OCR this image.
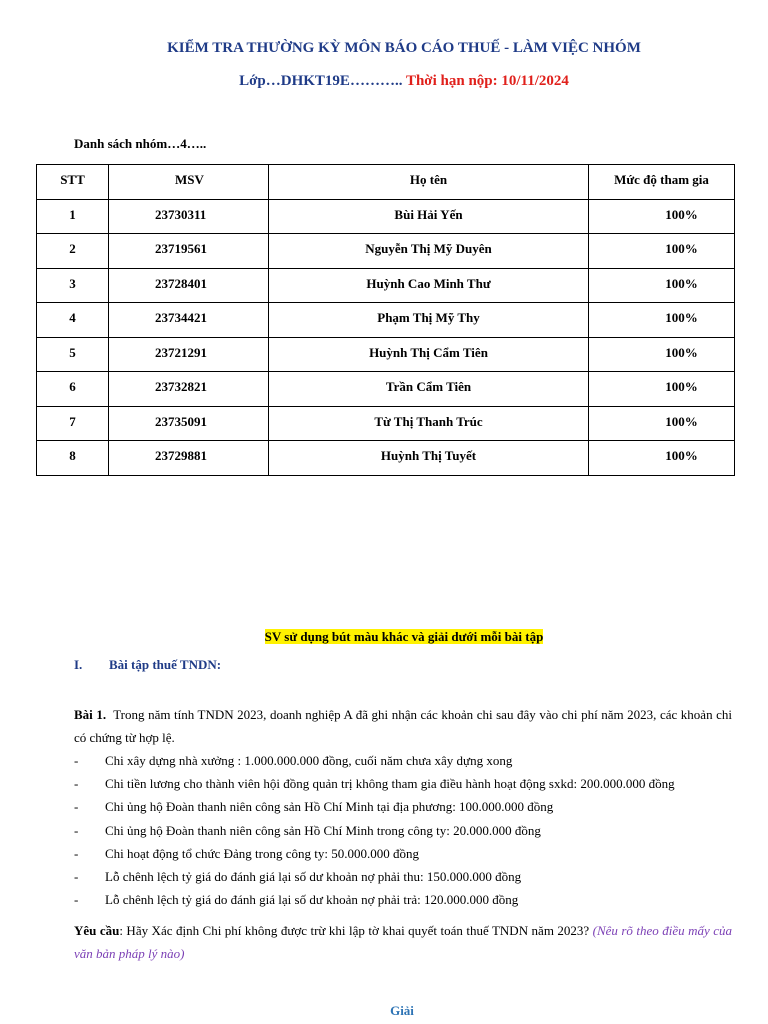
KIỂM TRA THƯỜNG KỲ MÔN BÁO CÁO THUẾ - LÀM VIỆC NHÓM
Lớp…DHKT19E……….. Thời hạn nộp: 10/11/2024
Danh sách nhóm…4…..
STT	MSV	Họ tên	Mức độ tham gia
1	23730311	Bùi Hải Yến	100%
2	23719561	Nguyễn Thị Mỹ Duyên	100%
3	23728401	Huỳnh Cao Minh Thư	100%
4	23734421	Phạm Thị Mỹ Thy	100%
5	23721291	Huỳnh Thị Cẩm Tiên	100%
6	23732821	Trần Cẩm Tiên	100%
7	23735091	Từ Thị Thanh Trúc	100%
8	23729881	Huỳnh Thị Tuyết	100%
SV sử dụng bút màu khác và giải dưới mỗi bài tập
I. Bài tập thuế TNDN:
Bài 1. Trong năm tính TNDN 2023, doanh nghiệp A đã ghi nhận các khoản chi sau đây vào chi phí năm 2023, các khoản chi có chứng từ hợp lệ.
- Chi xây dựng nhà xưởng : 1.000.000.000 đồng, cuối năm chưa xây dựng xong
- Chi tiền lương cho thành viên hội đồng quản trị không tham gia điều hành hoạt động sxkd: 200.000.000 đồng
- Chi ủng hộ Đoàn thanh niên công sản Hồ Chí Minh tại địa phương: 100.000.000 đồng
- Chi ủng hộ Đoàn thanh niên công sản Hồ Chí Minh trong công ty: 20.000.000 đồng
- Chi hoạt động tổ chức Đảng trong công ty: 50.000.000 đồng
- Lỗ chênh lệch tỷ giá do đánh giá lại số dư khoản nợ phải thu: 150.000.000 đồng
- Lỗ chênh lệch tỷ giá do đánh giá lại số dư khoản nợ phải trả: 120.000.000 đồng
Yêu cầu: Hãy Xác định Chi phí không được trừ khi lập tờ khai quyết toán thuế TNDN năm 2023? (Nêu rõ theo điều mấy của văn bản pháp lý nào)
Giải
